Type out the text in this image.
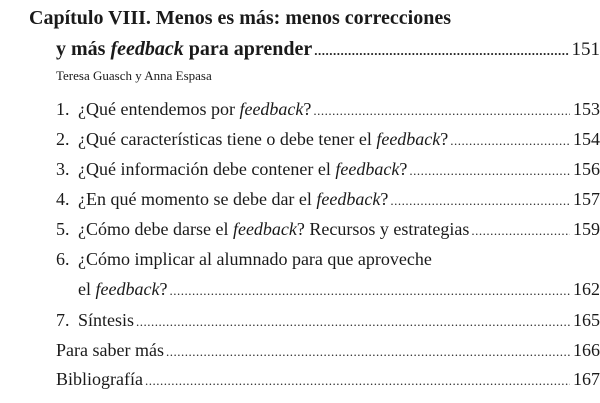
Capítulo VIII. Menos es más: menos correcciones
y más feedback para aprender .....	151
Teresa Guasch y Anna Espasa
1. ¿Qué entendemos por feedback? .....	153
2. ¿Qué características tiene o debe tener el feedback? .....	154
3. ¿Qué información debe contener el feedback? .....	156
4. ¿En qué momento se debe dar el feedback? .....	157
5. ¿Cómo debe darse el feedback? Recursos y estrategias .....	159
6. ¿Cómo implicar al alumnado para que aproveche
el feedback? .....	162
7. Síntesis .....	165
Para saber más .....	166
Bibliografía .....	167
